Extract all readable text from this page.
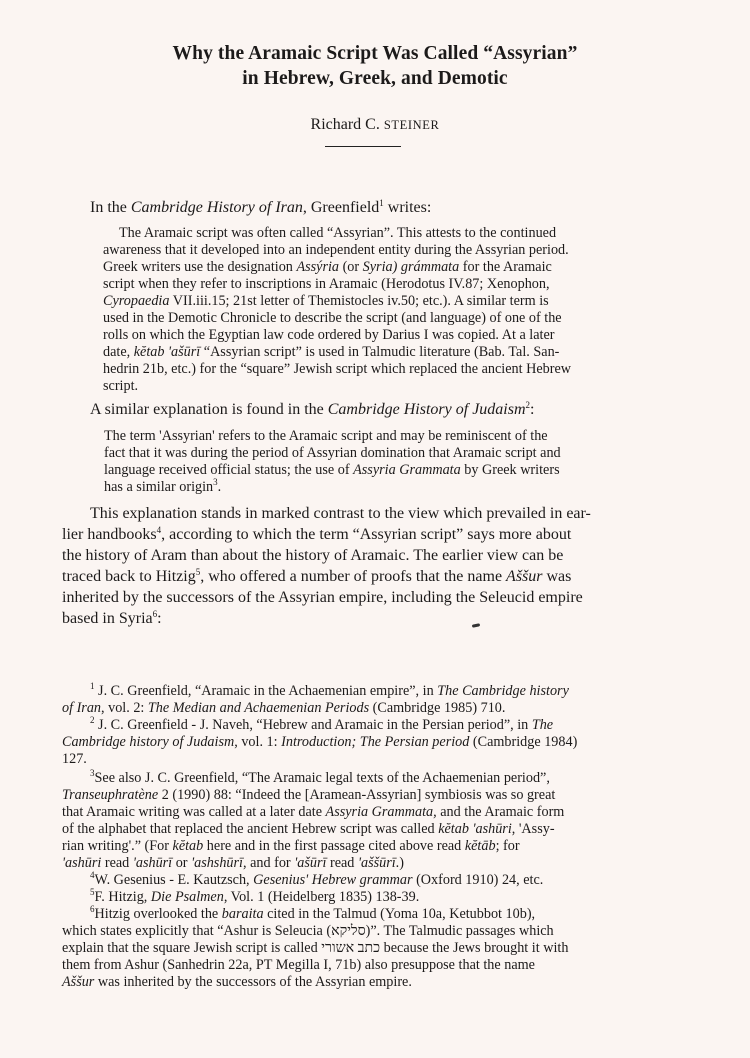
Why the Aramaic Script Was Called “Assyrian”
in Hebrew, Greek, and Demotic
Richard C. STEINER
In the Cambridge History of Iran, Greenfield$^1$ writes:
The Aramaic script was often called “Assyrian”. This attests to the continued
awareness that it developed into an independent entity during the Assyrian period.
Greek writers use the designation Assýria (or Syria) grámmata for the Aramaic
script when they refer to inscriptions in Aramaic (Herodotus IV.87; Xenophon,
Cyropaedia VII.iii.15; 21st letter of Themistocles iv.50; etc.). A similar term is
used in the Demotic Chronicle to describe the script (and language) of one of the
rolls on which the Egyptian law code ordered by Darius I was copied. At a later
date, kĕtab 'ašūrī “Assyrian script” is used in Talmudic literature (Bab. Tal. San-
hedrin 21b, etc.) for the “square” Jewish script which replaced the ancient Hebrew
script.
A similar explanation is found in the Cambridge History of Judaism$^2$:
The term 'Assyrian' refers to the Aramaic script and may be reminiscent of the
fact that it was during the period of Assyrian domination that Aramaic script and
language received official status; the use of Assyria Grammata by Greek writers
has a similar origin$^3$.
This explanation stands in marked contrast to the view which prevailed in ear-
lier handbooks$^4$, according to which the term “Assyrian script” says more about
the history of Aram than about the history of Aramaic. The earlier view can be
traced back to Hitzig$^5$, who offered a number of proofs that the name Aššur was
inherited by the successors of the Assyrian empire, including the Seleucid empire
based in Syria$^6$:
$^1$ J. C. Greenfield, “Aramaic in the Achaemenian empire”, in The Cambridge history
of Iran, vol. 2: The Median and Achaemenian Periods (Cambridge 1985) 710.
$^2$ J. C. Greenfield - J. Naveh, “Hebrew and Aramaic in the Persian period”, in The
Cambridge history of Judaism, vol. 1: Introduction; The Persian period (Cambridge 1984)
127.
$^3$See also J. C. Greenfield, “The Aramaic legal texts of the Achaemenian period”,
Transeuphratène 2 (1990) 88: “Indeed the [Aramean-Assyrian] symbiosis was so great
that Aramaic writing was called at a later date Assyria Grammata, and the Aramaic form
of the alphabet that replaced the ancient Hebrew script was called kĕtab 'ashūri, 'Assy-
rian writing'.” (For kĕtab here and in the first passage cited above read kĕtāb; for
'ashūri read 'ashūrī or 'ashshūrī, and for 'ašūrī read 'aššūrī.)
$^4$W. Gesenius - E. Kautzsch, Gesenius' Hebrew grammar (Oxford 1910) 24, etc.
$^5$F. Hitzig, Die Psalmen, Vol. 1 (Heidelberg 1835) 138-39.
$^6$Hitzig overlooked the baraita cited in the Talmud (Yoma 10a, Ketubbot 10b),
which states explicitly that “Ashur is Seleucia (סליקא)”. The Talmudic passages which
explain that the square Jewish script is called כתב אשורי because the Jews brought it with
them from Ashur (Sanhedrin 22a, PT Megilla I, 71b) also presuppose that the name
Aššur was inherited by the successors of the Assyrian empire.
